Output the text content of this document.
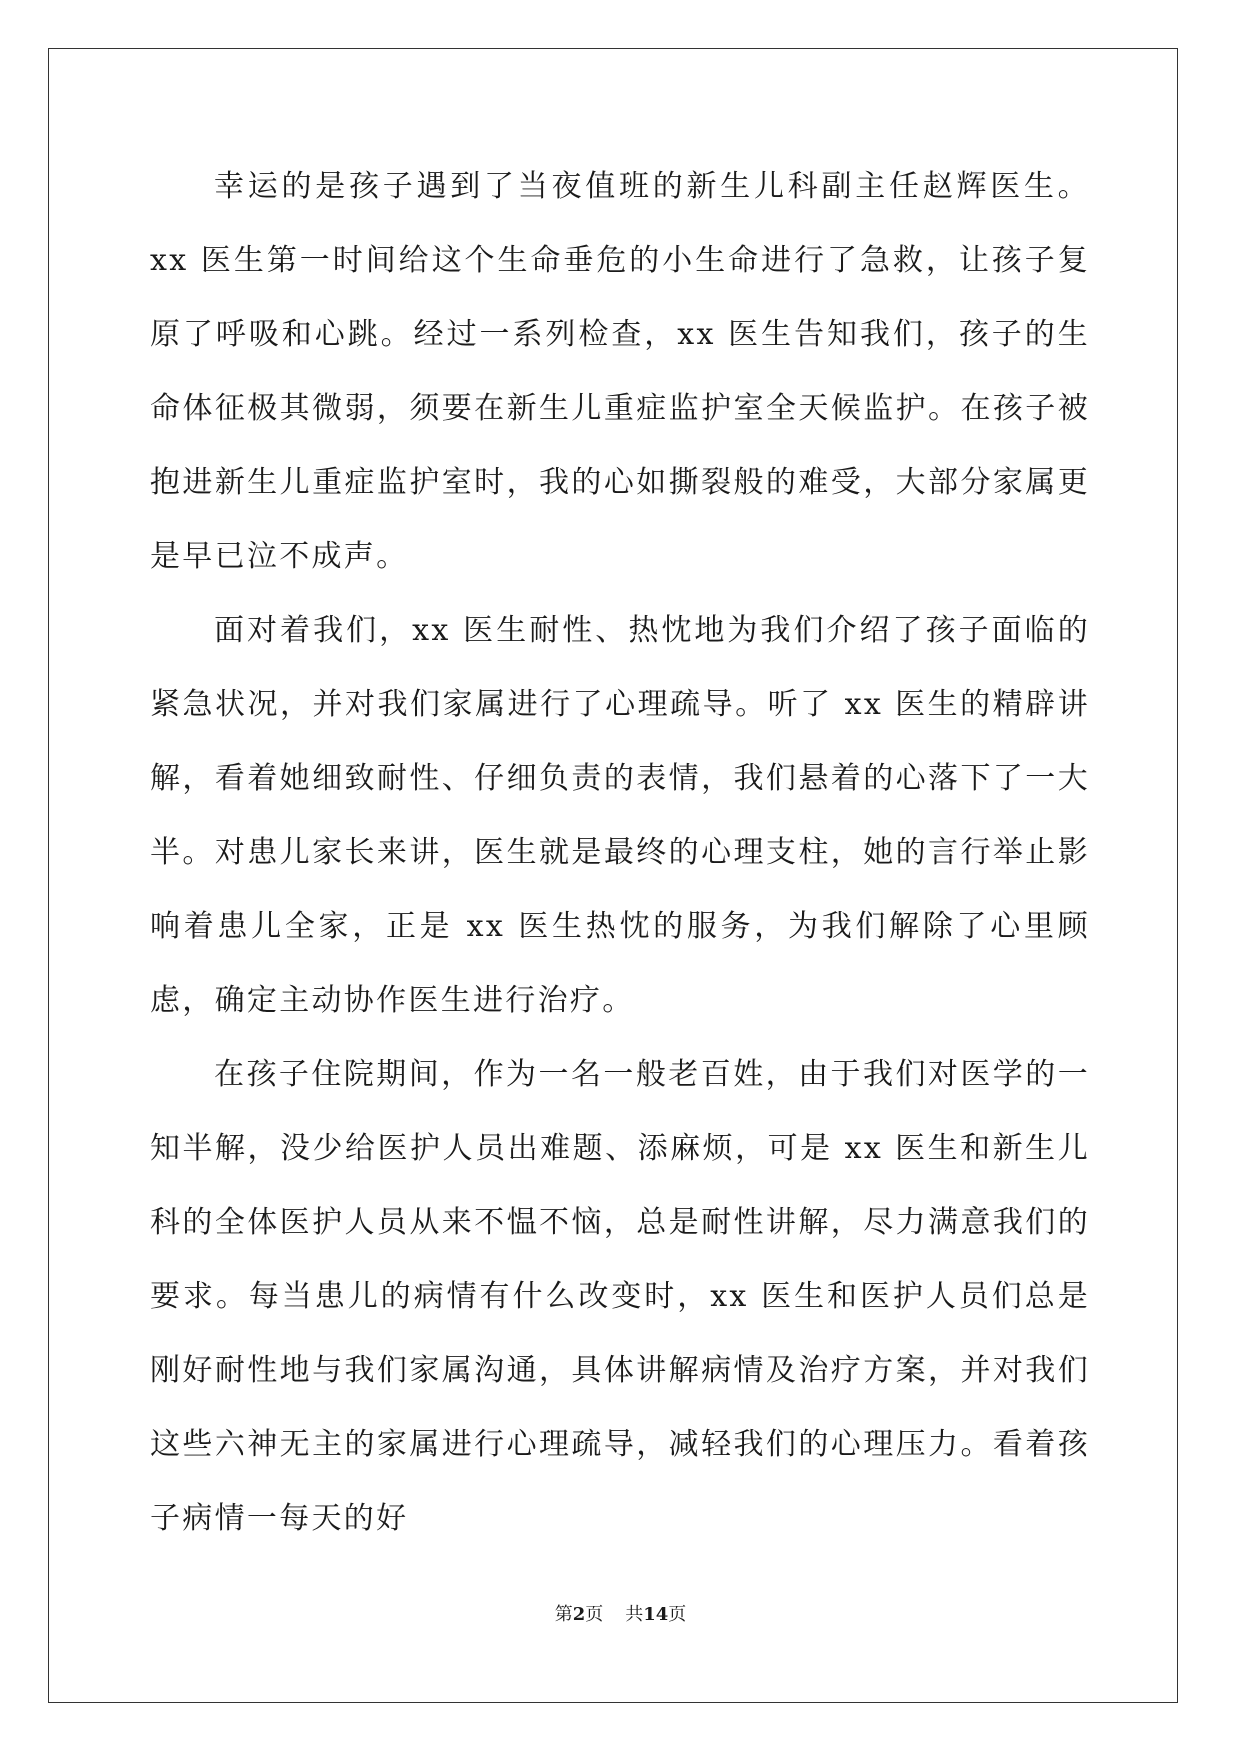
幸运的是孩子遇到了当夜值班的新生儿科副主任赵辉医生。xx 医生第一时间给这个生命垂危的小生命进行了急救，让孩子复原了呼吸和心跳。经过一系列检查，xx 医生告知我们，孩子的生命体征极其微弱，须要在新生儿重症监护室全天候监护。在孩子被抱进新生儿重症监护室时，我的心如撕裂般的难受，大部分家属更是早已泣不成声。

面对着我们，xx 医生耐性、热忱地为我们介绍了孩子面临的紧急状况，并对我们家属进行了心理疏导。听了 xx 医生的精辟讲解，看着她细致耐性、仔细负责的表情，我们悬着的心落下了一大半。对患儿家长来讲，医生就是最终的心理支柱，她的言行举止影响着患儿全家，正是 xx 医生热忱的服务，为我们解除了心里顾虑，确定主动协作医生进行治疗。

在孩子住院期间，作为一名一般老百姓，由于我们对医学的一知半解，没少给医护人员出难题、添麻烦，可是 xx 医生和新生儿科的全体医护人员从来不愠不恼，总是耐性讲解，尽力满意我们的要求。每当患儿的病情有什么改变时，xx 医生和医护人员们总是刚好耐性地与我们家属沟通，具体讲解病情及治疗方案，并对我们这些六神无主的家属进行心理疏导，减轻我们的心理压力。看着孩子病情一每天的好

第2页 共14页
